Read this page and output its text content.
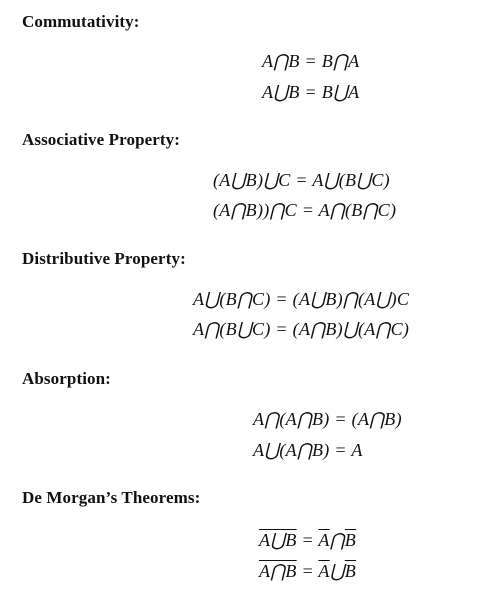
Commutativity:
A⋂B = B⋂A
A⋃B = B⋃A
Associative Property:
(A⋃B)⋃C = A⋃(B⋃C)
(A⋂B))⋂C = A⋂(B⋂C)
Distributive Property:
A⋃(B⋂C) = (A⋃B)⋂(A⋃)C
A⋂(B⋃C) = (A⋂B)⋃(A⋂C)
Absorption:
A⋂(A⋂B) = (A⋂B)
A⋃(A⋂B) = A
De Morgan’s Theorems:
A⋃B = $\overline{A}⋂\overline{B}$
A⋂B = $\overline{A}⋃\overline{B}$
